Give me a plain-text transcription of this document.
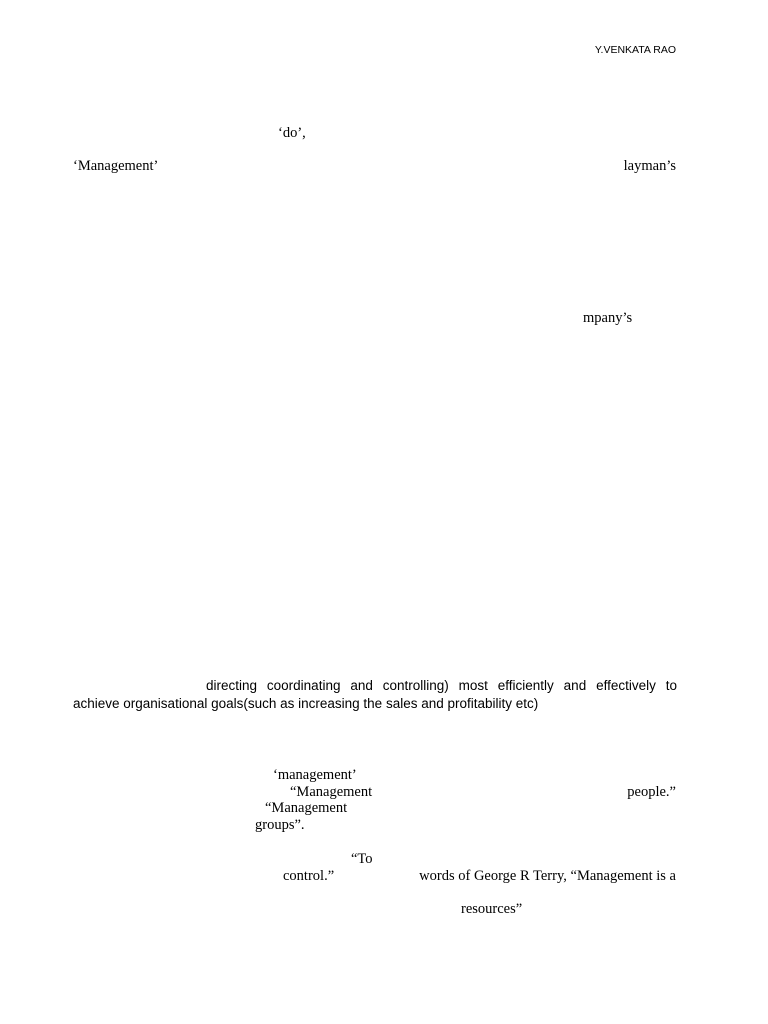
Y.VENKATA RAO
‘do’,
‘Management’	layman’s
mpany’s
directing coordinating and controlling) most efficiently and effectively to
achieve organisational goals(such as increasing the sales and profitability etc)
‘management’
“Management	people.”
“Management
groups”.
“To
control.”	words of George R Terry, “Management is a
resources”
